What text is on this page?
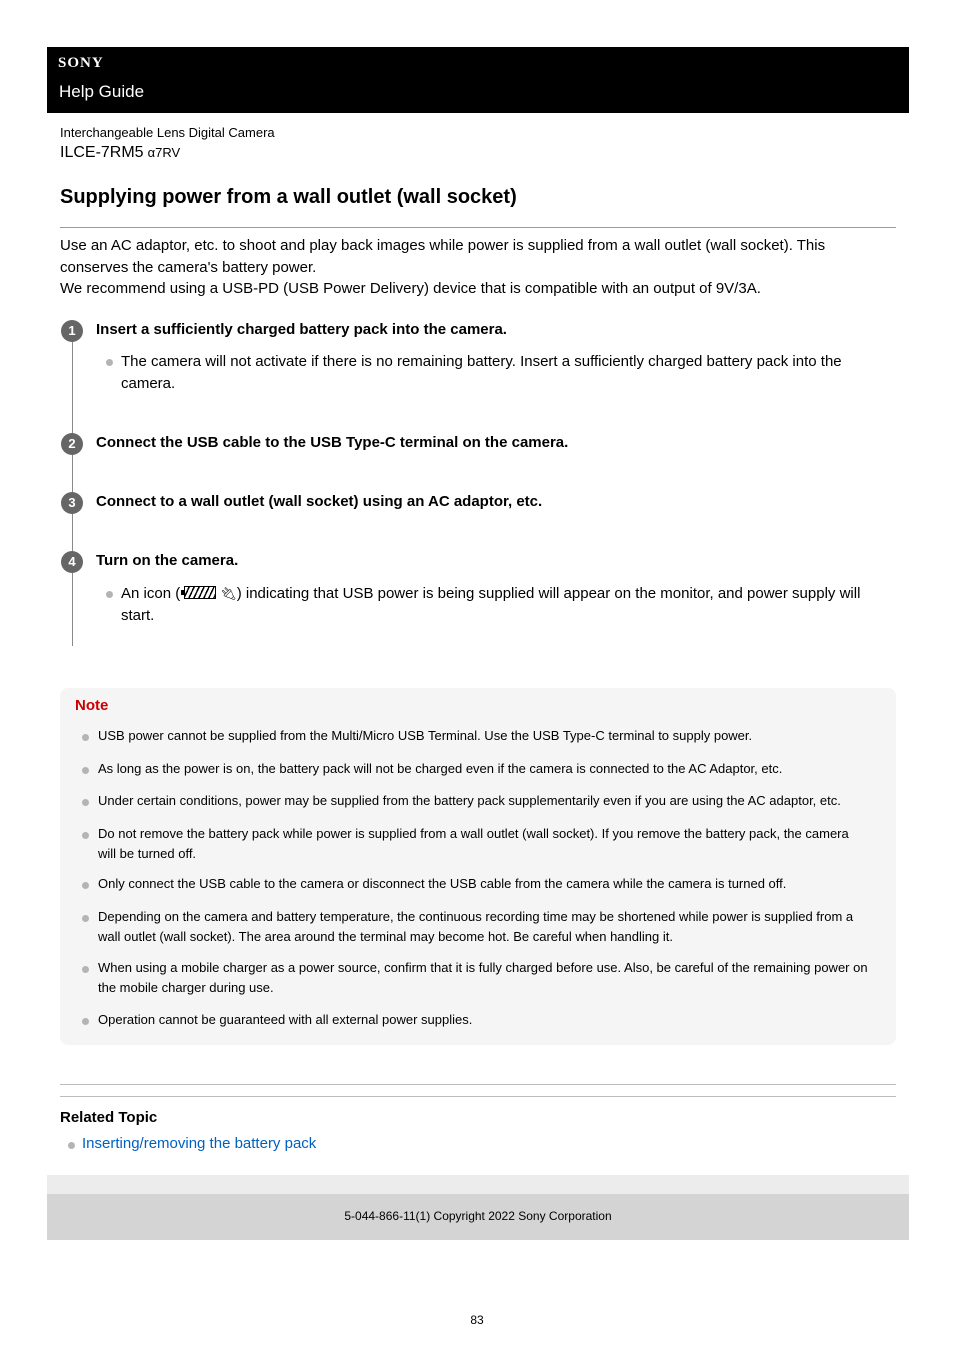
SONY
Help Guide
Interchangeable Lens Digital Camera
ILCE-7RM5 α7RV
Supplying power from a wall outlet (wall socket)

Use an AC adaptor, etc. to shoot and play back images while power is supplied from a wall outlet (wall socket). This conserves the camera's battery power.

We recommend using a USB-PD (USB Power Delivery) device that is compatible with an output of 9V/3A.

1	Insert a sufficiently charged battery pack into the camera.
The camera will not activate if there is no remaining battery. Insert a sufficiently charged battery pack into the camera.
2	Connect the USB cable to the USB Type-C terminal on the camera.
3	Connect to a wall outlet (wall socket) using an AC adaptor, etc.
4	Turn on the camera.
An icon (	🔌︎) indicating that USB power is being supplied will appear on the monitor, and power supply will start.
Note
USB power cannot be supplied from the Multi/Micro USB Terminal. Use the USB Type-C terminal to supply power.
As long as the power is on, the battery pack will not be charged even if the camera is connected to the AC Adaptor, etc.
Under certain conditions, power may be supplied from the battery pack supplementarily even if you are using the AC adaptor, etc.
Do not remove the battery pack while power is supplied from a wall outlet (wall socket). If you remove the battery pack, the camera will be turned off.
Only connect the USB cable to the camera or disconnect the USB cable from the camera while the camera is turned off.
Depending on the camera and battery temperature, the continuous recording time may be shortened while power is supplied from a wall outlet (wall socket). The area around the terminal may become hot. Be careful when handling it.
When using a mobile charger as a power source, confirm that it is fully charged before use. Also, be careful of the remaining power on the mobile charger during use.
Operation cannot be guaranteed with all external power supplies.
Related Topic
Inserting/removing the battery pack
5-044-866-11(1) Copyright 2022 Sony Corporation
83
